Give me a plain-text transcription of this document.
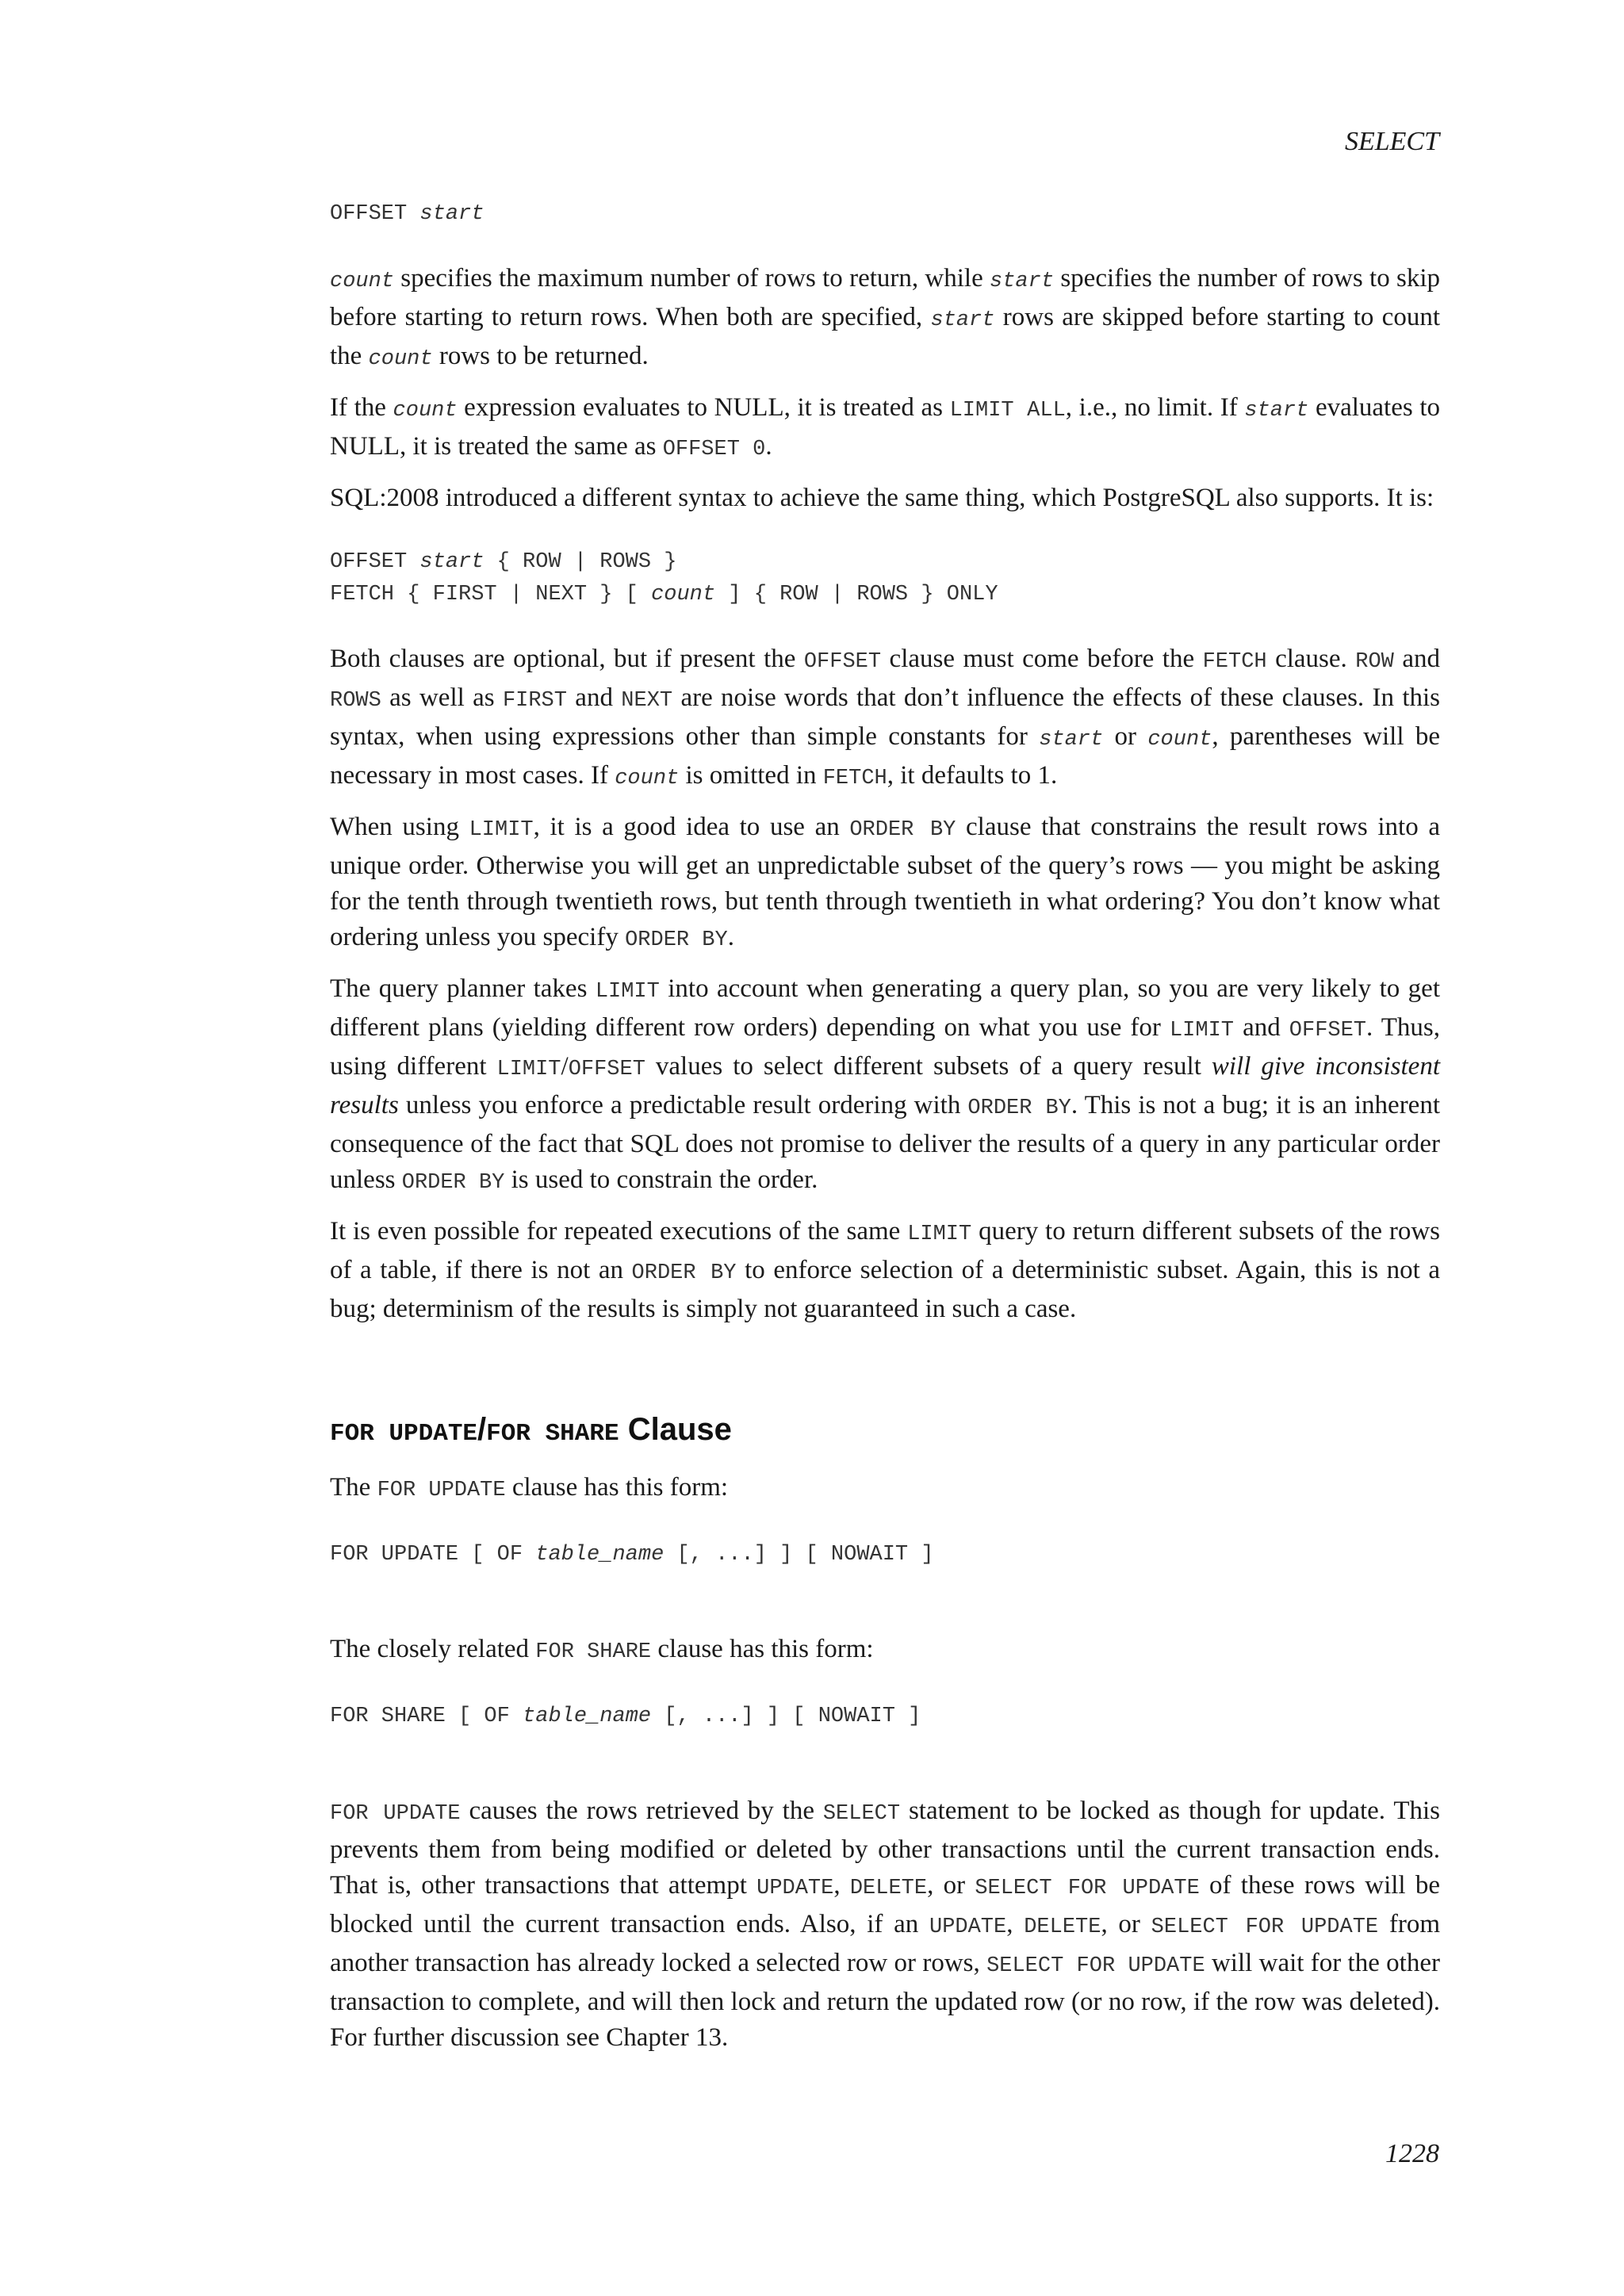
SELECT
OFFSET start

count specifies the maximum number of rows to return, while start specifies the number of rows to skip before starting to return rows. When both are specified, start rows are skipped before starting to count the count rows to be returned.

If the count expression evaluates to NULL, it is treated as LIMIT ALL, i.e., no limit. If start evaluates to NULL, it is treated the same as OFFSET 0.

SQL:2008 introduced a different syntax to achieve the same thing, which PostgreSQL also supports. It is:

OFFSET start { ROW | ROWS }
FETCH { FIRST | NEXT } [ count ] { ROW | ROWS } ONLY

Both clauses are optional, but if present the OFFSET clause must come before the FETCH clause. ROW and ROWS as well as FIRST and NEXT are noise words that don’t influence the effects of these clauses. In this syntax, when using expressions other than simple constants for start or count, parentheses will be necessary in most cases. If count is omitted in FETCH, it defaults to 1.

When using LIMIT, it is a good idea to use an ORDER BY clause that constrains the result rows into a unique order. Otherwise you will get an unpredictable subset of the query’s rows — you might be asking for the tenth through twentieth rows, but tenth through twentieth in what ordering? You don’t know what ordering unless you specify ORDER BY.

The query planner takes LIMIT into account when generating a query plan, so you are very likely to get different plans (yielding different row orders) depending on what you use for LIMIT and OFFSET. Thus, using different LIMIT/OFFSET values to select different subsets of a query result will give inconsistent results unless you enforce a predictable result ordering with ORDER BY. This is not a bug; it is an inherent consequence of the fact that SQL does not promise to deliver the results of a query in any particular order unless ORDER BY is used to constrain the order.

It is even possible for repeated executions of the same LIMIT query to return different subsets of the rows of a table, if there is not an ORDER BY to enforce selection of a deterministic subset. Again, this is not a bug; determinism of the results is simply not guaranteed in such a case.

FOR UPDATE/FOR SHARE Clause

The FOR UPDATE clause has this form:

FOR UPDATE [ OF table_name [, ...] ] [ NOWAIT ]

The closely related FOR SHARE clause has this form:

FOR SHARE [ OF table_name [, ...] ] [ NOWAIT ]

FOR UPDATE causes the rows retrieved by the SELECT statement to be locked as though for update. This prevents them from being modified or deleted by other transactions until the current transaction ends. That is, other transactions that attempt UPDATE, DELETE, or SELECT FOR UPDATE of these rows will be blocked until the current transaction ends. Also, if an UPDATE, DELETE, or SELECT FOR UPDATE from another transaction has already locked a selected row or rows, SELECT FOR UPDATE will wait for the other transaction to complete, and will then lock and return the updated row (or no row, if the row was deleted). For further discussion see Chapter 13.

1228
